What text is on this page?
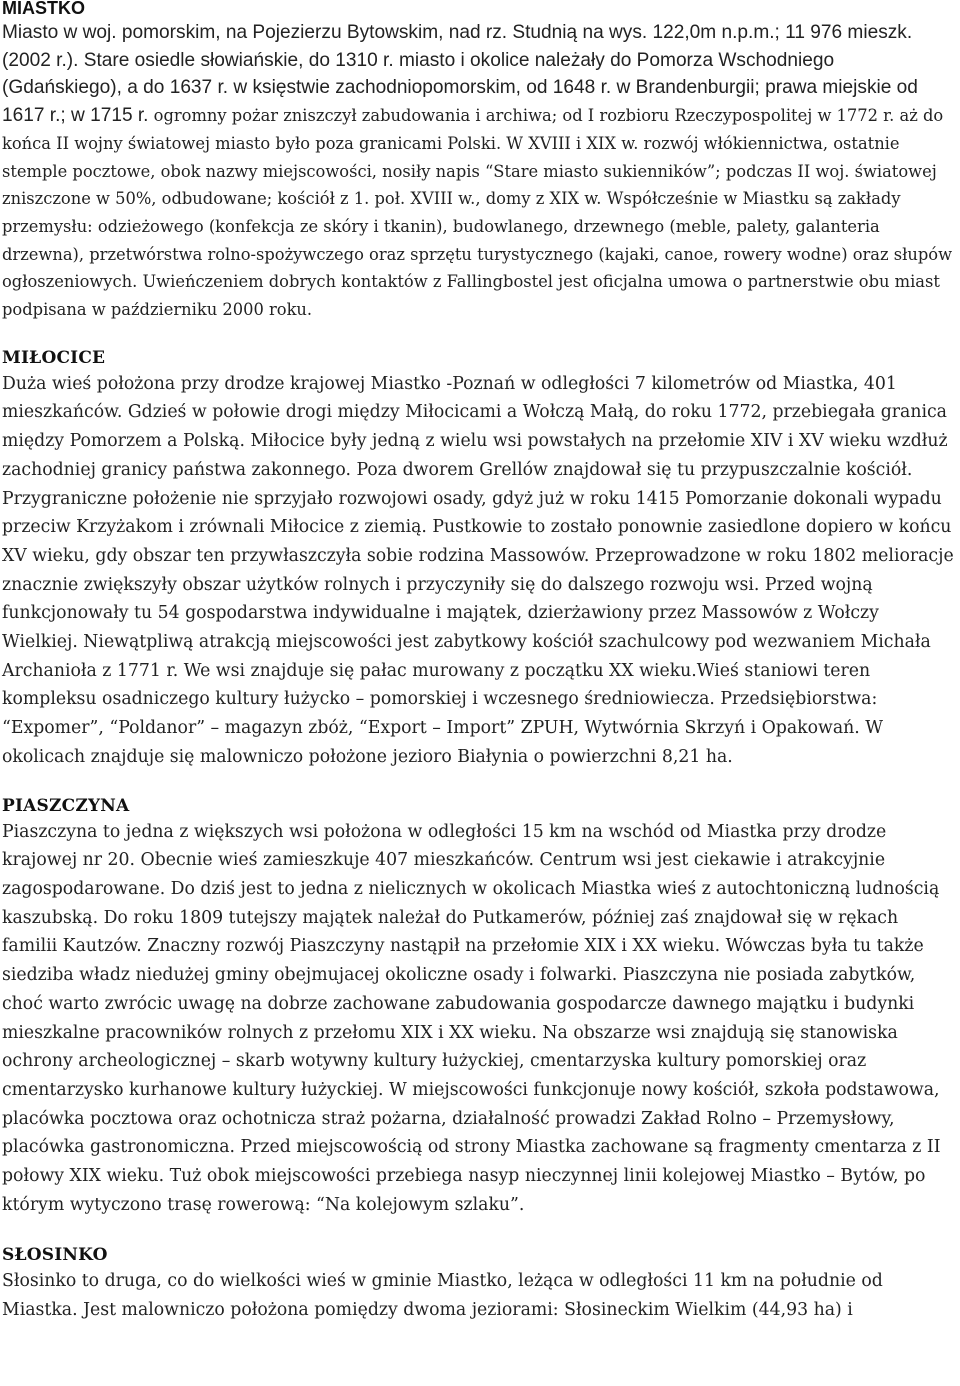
MIASTKO

Miasto w woj. pomorskim, na Pojezierzu Bytowskim, nad rz. Studnią na wys. 122,0m n.p.m.; 11 976 mieszk. (2002 r.). Stare osiedle słowiańskie, do 1310 r. miasto i okolice należały do Pomorza Wschodniego (Gdańskiego), a do 1637 r. w księstwie zachodniopomorskim, od 1648 r. w Brandenburgii; prawa miejskie od 1617 r.; w 1715 r. ogromny pożar zniszczył zabudowania i archiwa; od I rozbioru Rzeczypospolitej w 1772 r. aż do końca II wojny światowej miasto było poza granicami Polski. W XVIII i XIX w. rozwój włókiennictwa, ostatnie stemple pocztowe, obok nazwy miejscowości, nosiły napis “Stare miasto sukienników”; podczas II woj. światowej zniszczone w 50%, odbudowane; kościół z 1. poł. XVIII w., domy z XIX w. Współcześnie w Miastku są zakłady przemysłu: odzieżowego (konfekcja ze skóry i tkanin), budowlanego, drzewnego (meble, palety, galanteria drzewna), przetwórstwa rolno-spożywczego oraz sprzętu turystycznego (kajaki, canoe, rowery wodne) oraz słupów ogłoszeniowych. Uwieńczeniem dobrych kontaktów z Fallingbostel jest oficjalna umowa o partnerstwie obu miast podpisana w październiku 2000 roku.

MIŁOCICE

Duża wieś położona przy drodze krajowej Miastko -Poznań w odległości 7 kilometrów od Miastka, 401 mieszkańców. Gdzieś w połowie drogi między Miłocicami a Wołczą Małą, do roku 1772, przebiegała granica między Pomorzem a Polską. Miłocice były jedną z wielu wsi powstałych na przełomie XIV i XV wieku wzdłuż zachodniej granicy państwa zakonnego. Poza dworem Grellów znajdował się tu przypuszczalnie kościół. Przygraniczne położenie nie sprzyjało rozwojowi osady, gdyż już w roku 1415 Pomorzanie dokonali wypadu przeciw Krzyżakom i zrównali Miłocice z ziemią. Pustkowie to zostało ponownie zasiedlone dopiero w końcu XV wieku, gdy obszar ten przywłaszczyła sobie rodzina Massowów. Przeprowadzone w roku 1802 melioracje znacznie zwiększyły obszar użytków rolnych i przyczyniły się do dalszego rozwoju wsi. Przed wojną funkcjonowały tu 54 gospodarstwa indywidualne i majątek, dzierżawiony przez Massowów z Wołczy Wielkiej. Niewątpliwą atrakcją miejscowości jest zabytkowy kościół szachulcowy pod wezwaniem Michała Archanioła z 1771 r. We wsi znajduje się pałac murowany z początku XX wieku.Wieś staniowi teren kompleksu osadniczego kultury łużycko – pomorskiej i wczesnego średniowiecza. Przedsiębiorstwa: “Expomer”, “Poldanor” – magazyn zbóż, “Export – Import” ZPUH, Wytwórnia Skrzyń i Opakowań. W okolicach znajduje się malowniczo położone jezioro Białynia o powierzchni 8,21 ha.

PIASZCZYNA

Piaszczyna to jedna z większych wsi położona w odległości 15 km na wschód od Miastka przy drodze krajowej nr 20. Obecnie wieś zamieszkuje 407 mieszkańców. Centrum wsi jest ciekawie i atrakcyjnie zagospodarowane. Do dziś jest to jedna z nielicznych w okolicach Miastka wieś z autochtoniczną ludnością kaszubską. Do roku 1809 tutejszy majątek należał do Putkamerów, później zaś znajdował się w rękach familii Kautzów. Znaczny rozwój Piaszczyny nastąpił na przełomie XIX i XX wieku. Wówczas była tu także siedziba władz niedużej gminy obejmujacej okoliczne osady i folwarki. Piaszczyna nie posiada zabytków, choć warto zwrócic uwagę na dobrze zachowane zabudowania gospodarcze dawnego majątku i budynki mieszkalne pracowników rolnych z przełomu XIX i XX wieku. Na obszarze wsi znajdują się stanowiska ochrony archeologicznej – skarb wotywny kultury łużyckiej, cmentarzyska kultury pomorskiej oraz cmentarzysko kurhanowe kultury łużyckiej. W miejscowości funkcjonuje nowy kościół, szkoła podstawowa, placówka pocztowa oraz ochotnicza straż pożarna, działalność prowadzi Zakład Rolno – Przemysłowy, placówka gastronomiczna. Przed miejscowością od strony Miastka zachowane są fragmenty cmentarza z II połowy XIX wieku. Tuż obok miejscowości przebiega nasyp nieczynnej linii kolejowej Miastko – Bytów, po którym wytyczono trasę rowerową: “Na kolejowym szlaku”.

SŁOSINKO

Słosinko to druga, co do wielkości wieś w gminie Miastko, leżąca w odległości 11 km na południe od Miastka. Jest malowniczo położona pomiędzy dwoma jeziorami: Słosineckim Wielkim (44,93 ha) i
